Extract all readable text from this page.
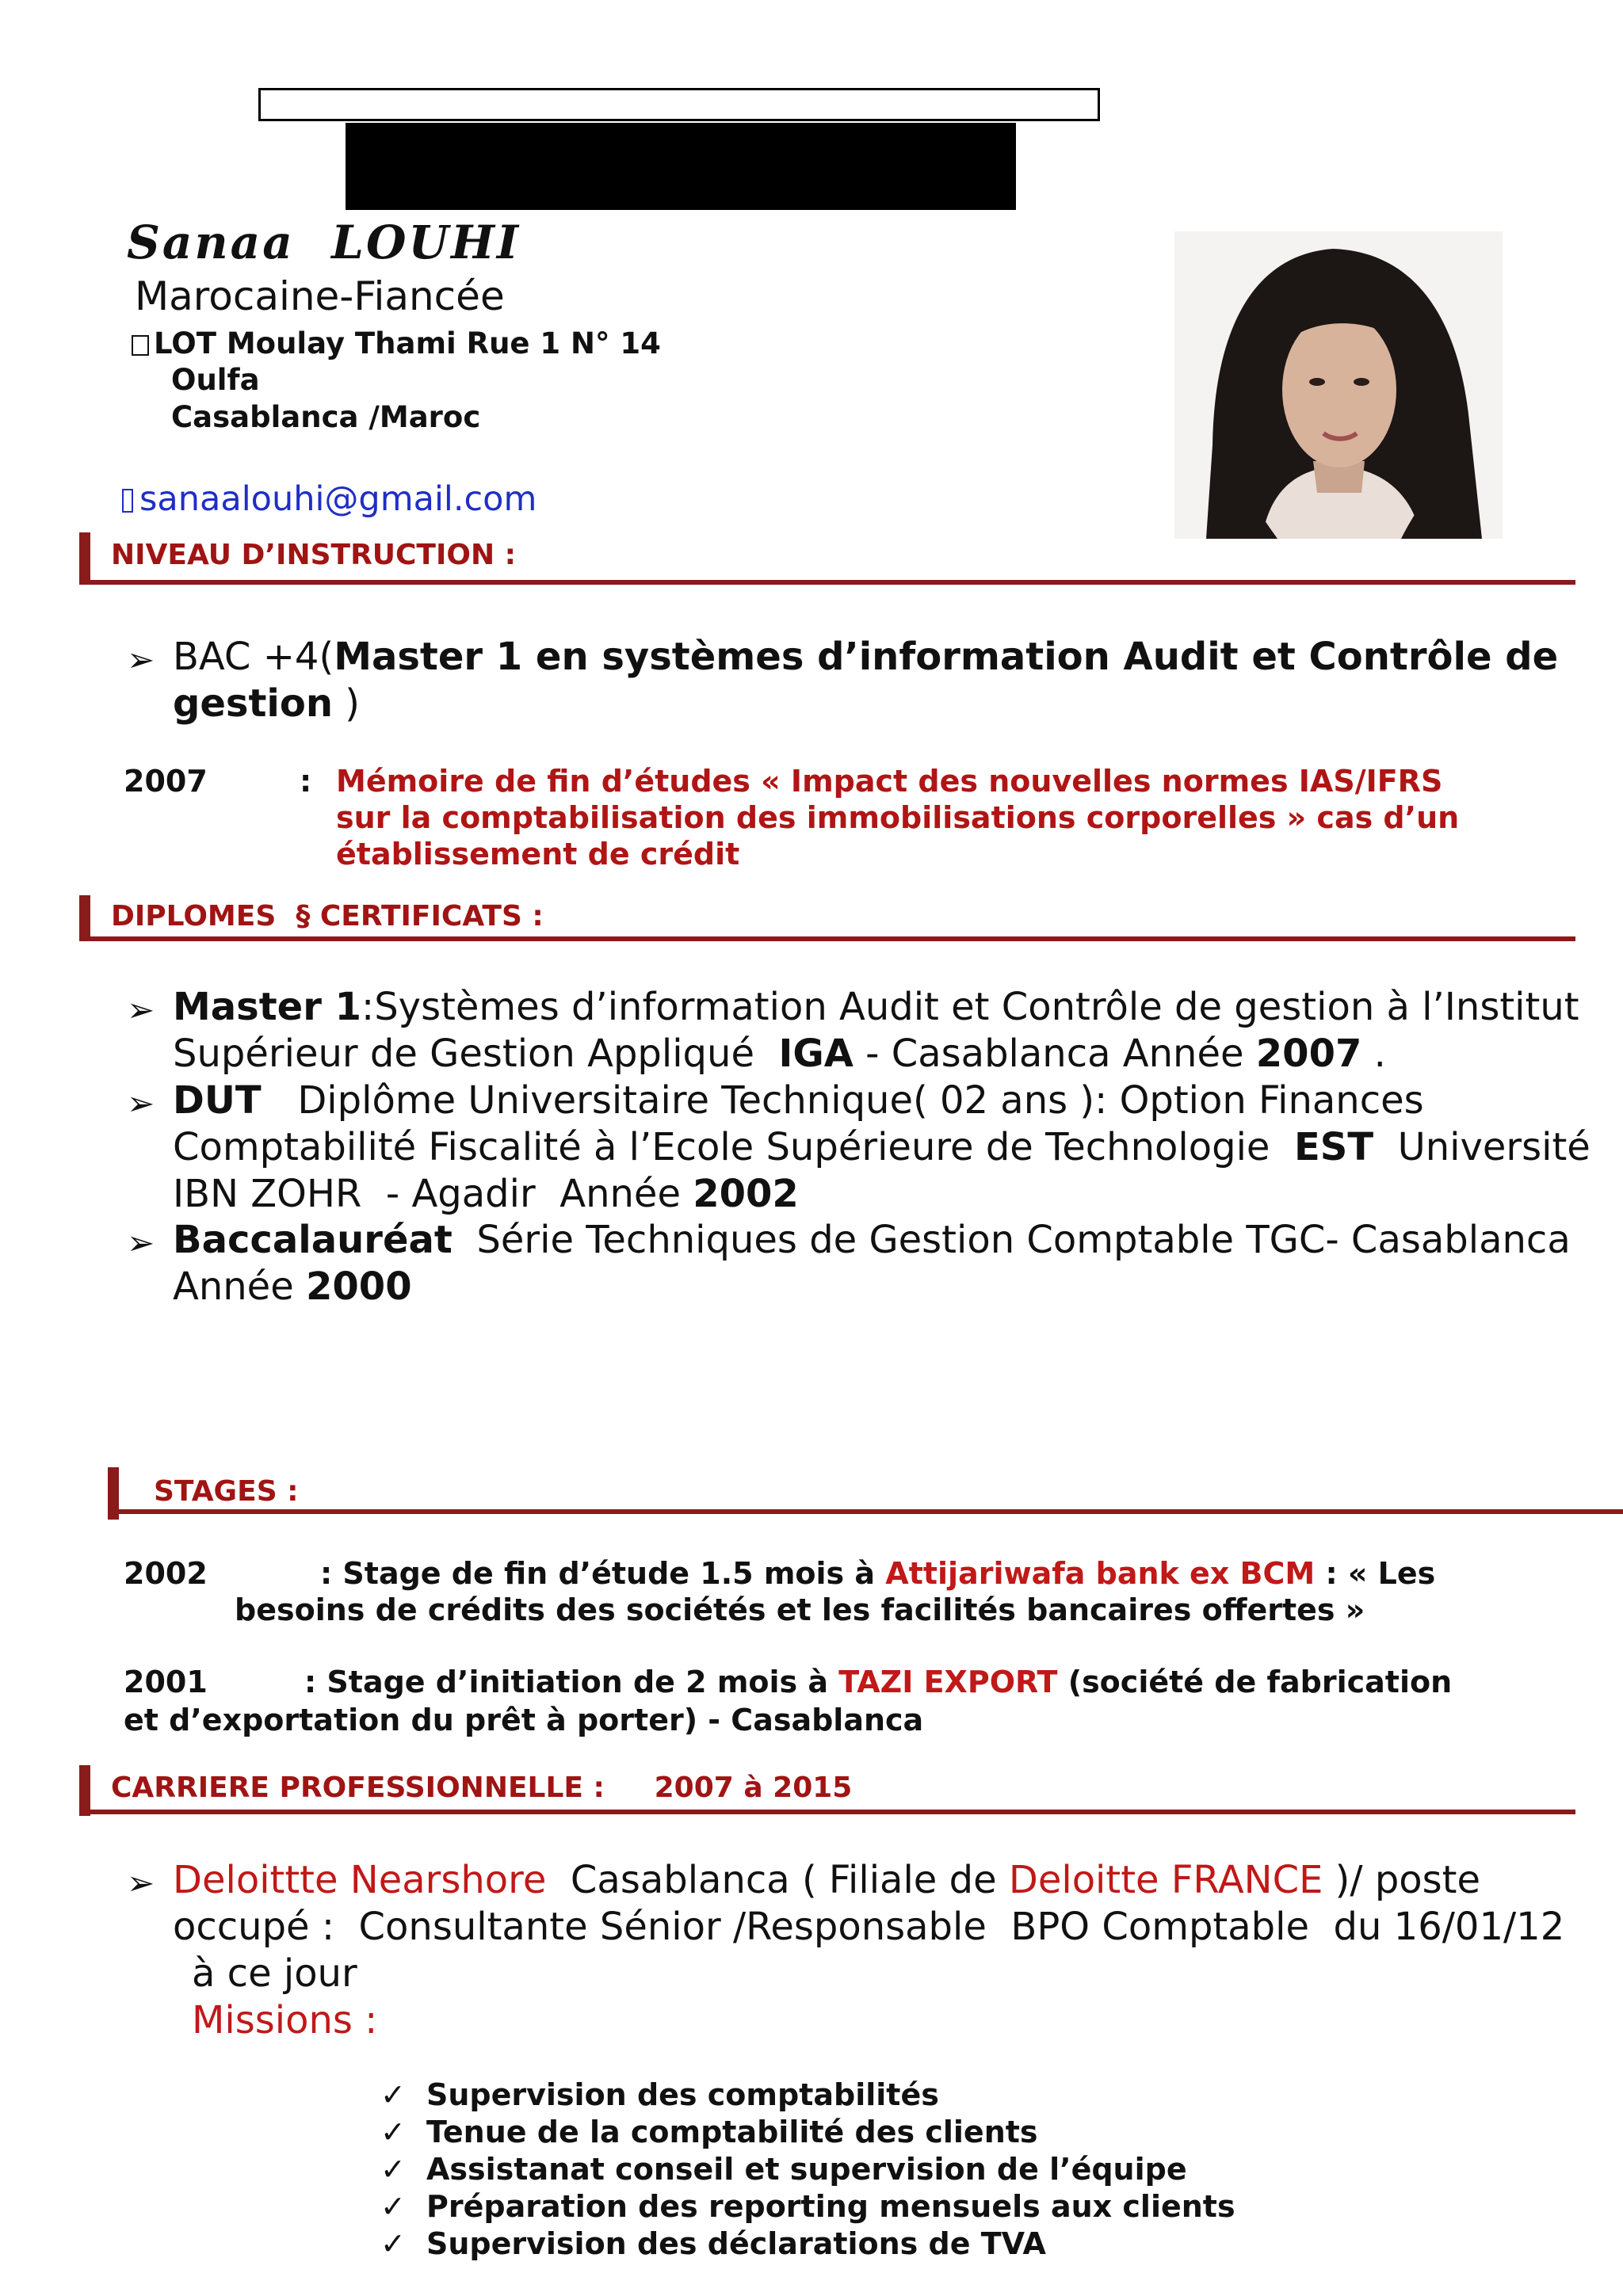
Sanaa  LOUHI
Marocaine-Fiancée
LOT Moulay Thami Rue 1 N° 14
Oulfa
Casablanca /Maroc
sanaalouhi@gmail.com
NIVEAU D’INSTRUCTION :
➢ BAC +4(Master 1 en systèmes d’information Audit et Contrôle de gestion )
2007	: Mémoire de fin d’études « Impact des nouvelles normes IAS/IFRS
sur la comptabilisation des immobilisations corporelles » cas d’un
établissement de crédit
DIPLOMES  § CERTIFICATS :
➢ Master 1:Systèmes d’information Audit et Contrôle de gestion à l’Institut
Supérieur de Gestion Appliqué  IGA - Casablanca Année 2007 .
➢ DUT   Diplôme Universitaire Technique( 02 ans ): Option Finances
Comptabilité Fiscalité à l’Ecole Supérieure de Technologie  EST  Université
IBN ZOHR  - Agadir  Année 2002
➢ Baccalauréat  Série Techniques de Gestion Comptable TGC- Casablanca
Année 2000
STAGES :
2002	: Stage de fin d’étude 1.5 mois à Attijariwafa bank ex BCM : « Les
besoins de crédits des sociétés et les facilités bancaires offertes »
2001	: Stage d’initiation de 2 mois à TAZI EXPORT (société de fabrication
et d’exportation du prêt à porter) - Casablanca
CARRIERE PROFESSIONNELLE :     2007 à 2015
➢ Deloittte Nearshore  Casablanca ( Filiale de Deloitte FRANCE )/ poste
occupé :  Consultante Sénior /Responsable  BPO Comptable  du 16/01/12
à ce jour
Missions :
✓ Supervision des comptabilités
✓ Tenue de la comptabilité des clients
✓ Assistanat conseil et supervision de l’équipe
✓ Préparation des reporting mensuels aux clients
✓ Supervision des déclarations de TVA
